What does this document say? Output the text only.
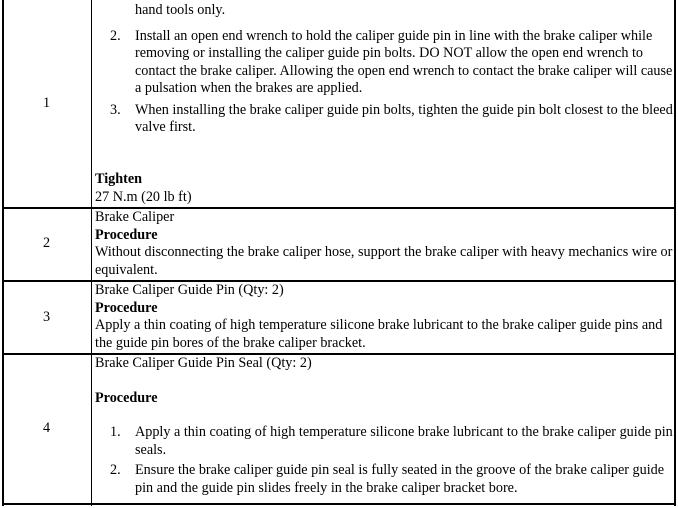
1

hand tools only.

2. Install an open end wrench to hold the caliper guide pin in line with the brake caliper while removing or installing the caliper guide pin bolts. DO NOT allow the open end wrench to contact the brake caliper. Allowing the open end wrench to contact the brake caliper will cause a pulsation when the brakes are applied.
3. When installing the brake caliper guide pin bolts, tighten the guide pin bolt closest to the bleed valve first.

Tighten

27 N.m (20 lb ft)

2

Brake Caliper

Procedure

Without disconnecting the brake caliper hose, support the brake caliper with heavy mechanics wire or equivalent.

3

Brake Caliper Guide Pin (Qty: 2)

Procedure

Apply a thin coating of high temperature silicone brake lubricant to the brake caliper guide pins and the guide pin bores of the brake caliper bracket.

4

Brake Caliper Guide Pin Seal (Qty: 2)

Procedure

1. Apply a thin coating of high temperature silicone brake lubricant to the brake caliper guide pin seals.
2. Ensure the brake caliper guide pin seal is fully seated in the groove of the brake caliper guide pin and the guide pin slides freely in the brake caliper bracket bore.
